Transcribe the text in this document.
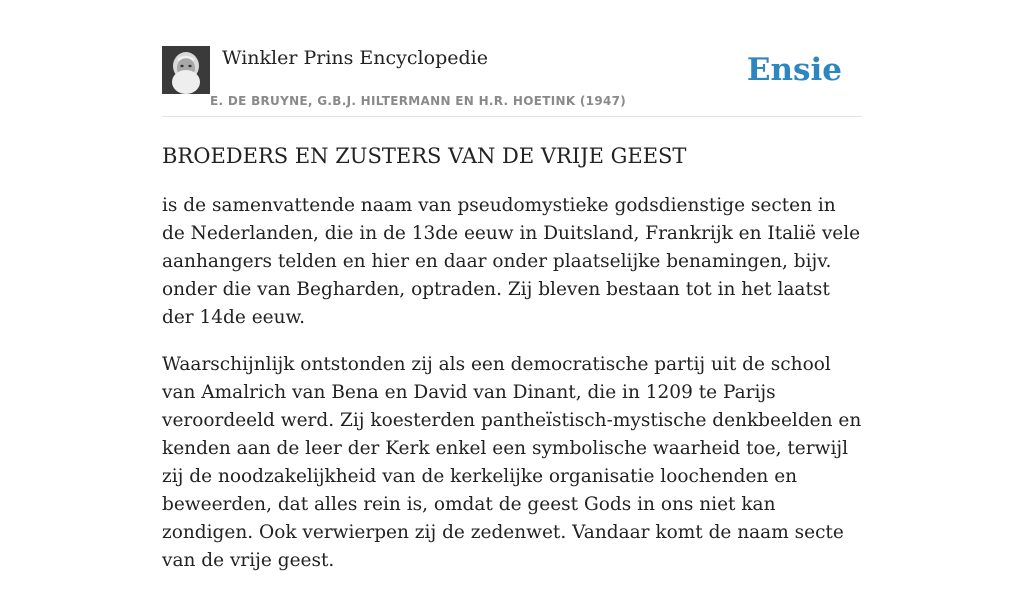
Winkler Prins Encyclopedie
E. DE BRUYNE, G.B.J. HILTERMANN EN H.R. HOETINK (1947)
Ensie
BROEDERS EN ZUSTERS VAN DE VRIJE GEEST

is de samenvattende naam van pseudomystieke godsdienstige secten in de Nederlanden, die in de 13de eeuw in Duitsland, Frankrijk en Italië vele aanhangers telden en hier en daar onder plaatselijke benamingen, bijv. onder die van Begharden, optraden. Zij bleven bestaan tot in het laatst der 14de eeuw.

Waarschijnlijk ontstonden zij als een democratische partij uit de school van Amalrich van Bena en David van Dinant, die in 1209 te Parijs veroordeeld werd. Zij koesterden pantheïstisch-mystische denkbeelden en kenden aan de leer der Kerk enkel een symbolische waarheid toe, terwijl zij de noodzakelijkheid van de kerkelijke organisatie loochenden en beweerden, dat alles rein is, omdat de geest Gods in ons niet kan zondigen. Ook verwierpen zij de zedenwet. Vandaar komt de naam secte van de vrije geest.
